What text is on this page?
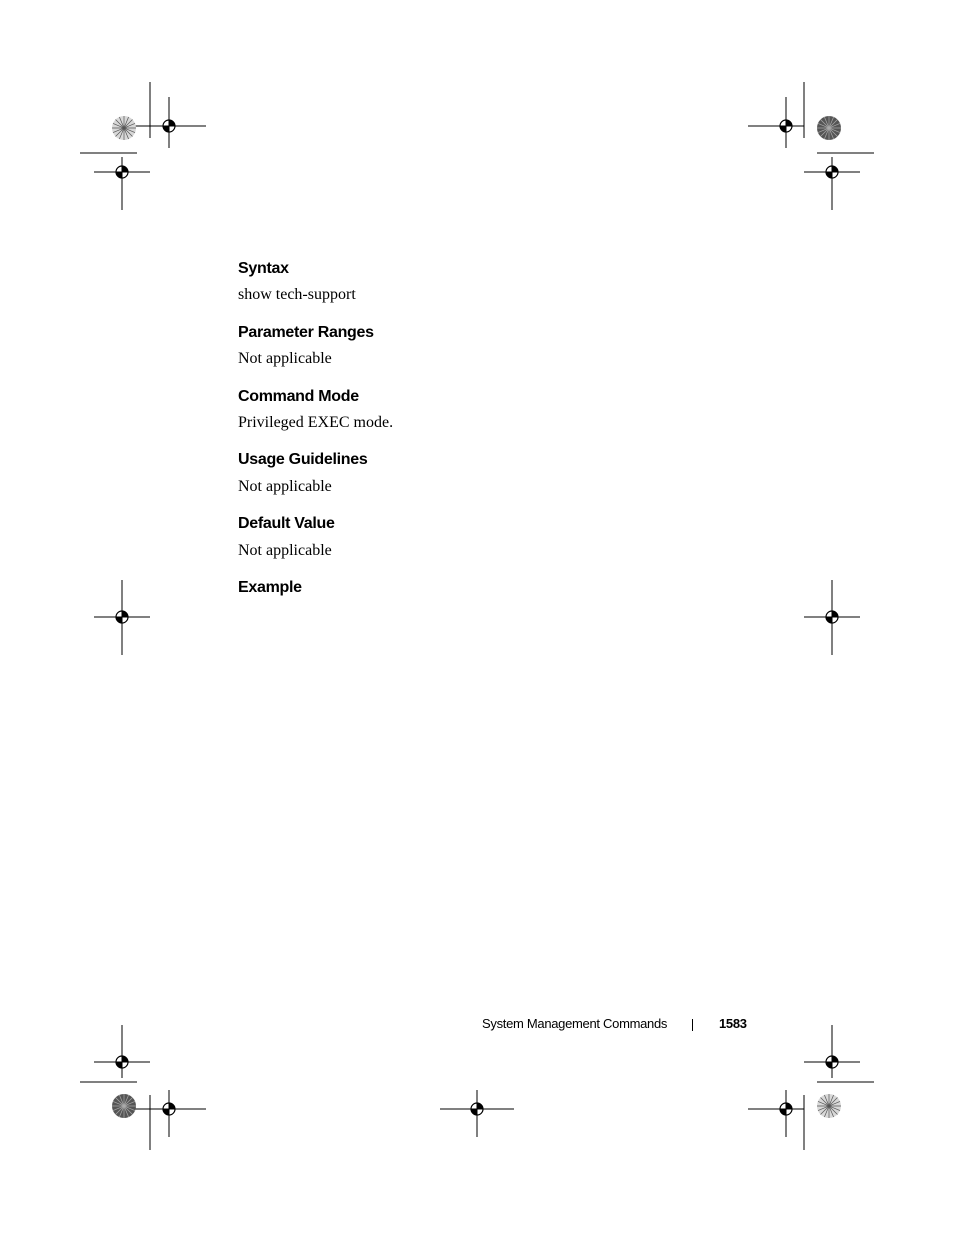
Syntax

show tech-support

Parameter Ranges

Not applicable

Command Mode

Privileged EXEC mode.

Usage Guidelines

Not applicable

Default Value

Not applicable

Example
System Management Commands	1583
